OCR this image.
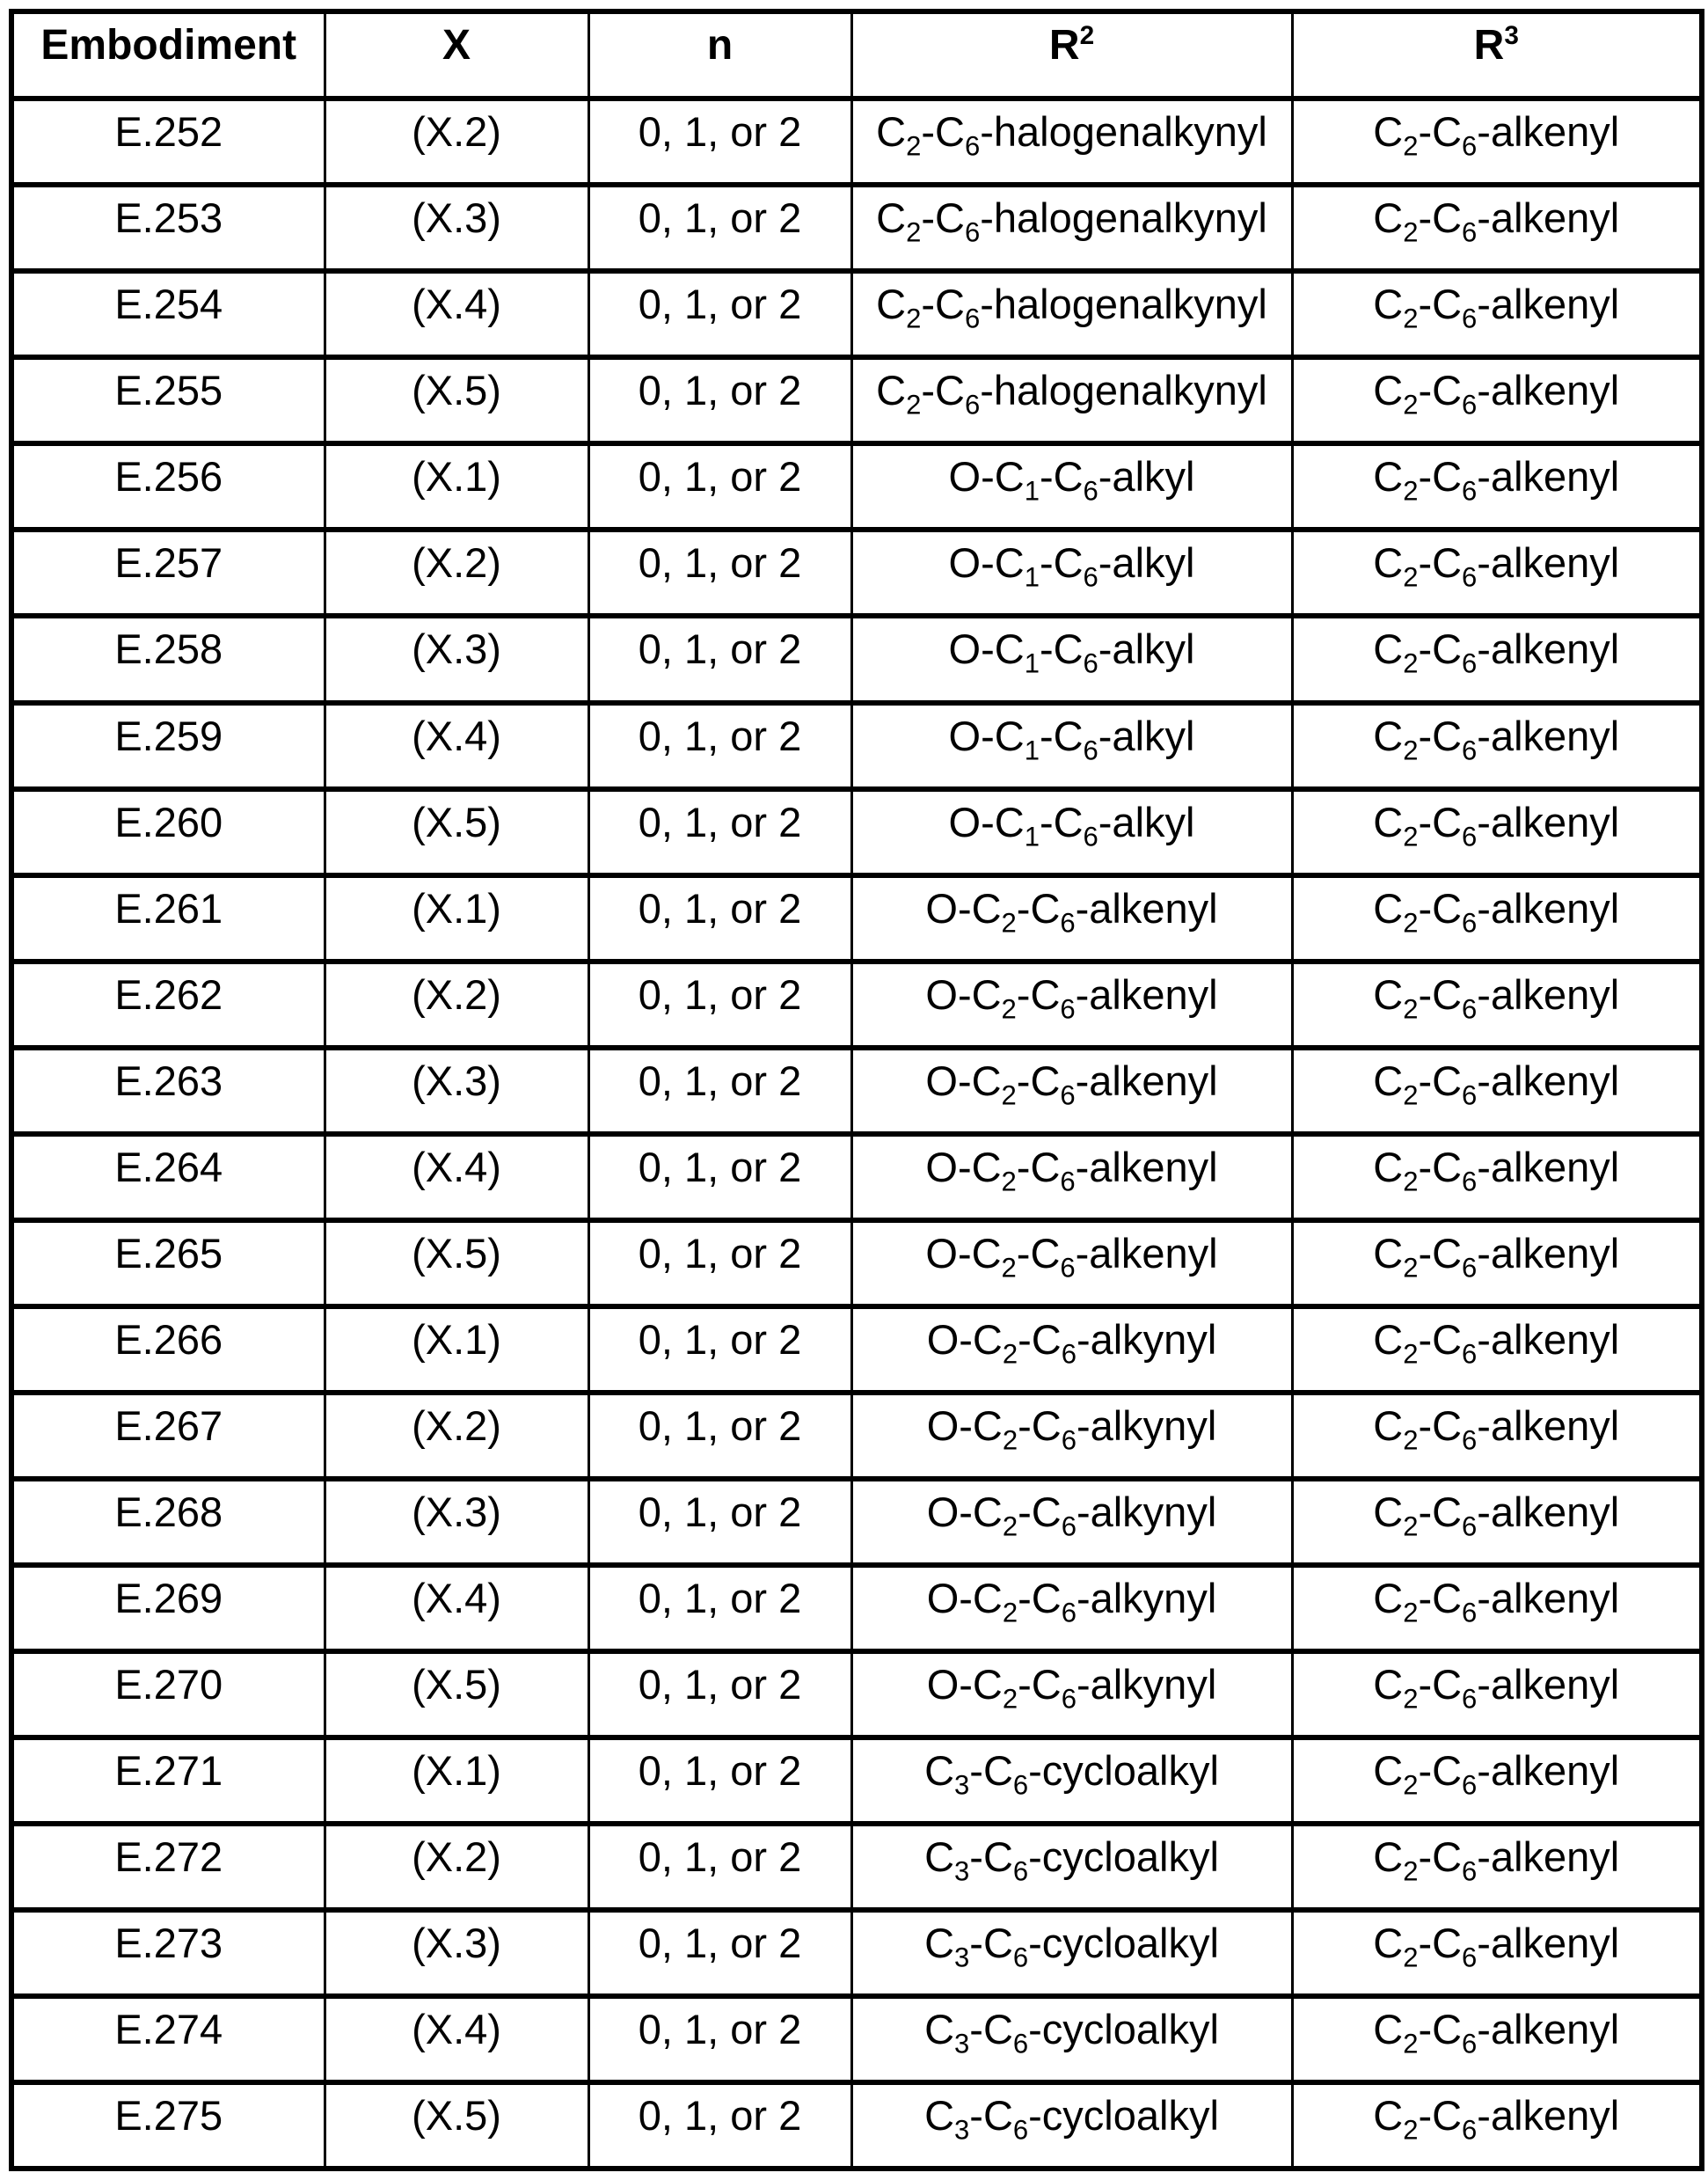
Embodiment	X	n	$R^2$	$R^3$
E.252	(X.2)	0, 1, or 2	$C_2-C_6$-halogenalkynyl	$C_2-C_6$-alkenyl
E.253	(X.3)	0, 1, or 2	$C_2-C_6$-halogenalkynyl	$C_2-C_6$-alkenyl
E.254	(X.4)	0, 1, or 2	$C_2-C_6$-halogenalkynyl	$C_2-C_6$-alkenyl
E.255	(X.5)	0, 1, or 2	$C_2-C_6$-halogenalkynyl	$C_2-C_6$-alkenyl
E.256	(X.1)	0, 1, or 2	$O-C_1-C_6$-alkyl	$C_2-C_6$-alkenyl
E.257	(X.2)	0, 1, or 2	$O-C_1-C_6$-alkyl	$C_2-C_6$-alkenyl
E.258	(X.3)	0, 1, or 2	$O-C_1-C_6$-alkyl	$C_2-C_6$-alkenyl
E.259	(X.4)	0, 1, or 2	$O-C_1-C_6$-alkyl	$C_2-C_6$-alkenyl
E.260	(X.5)	0, 1, or 2	$O-C_1-C_6$-alkyl	$C_2-C_6$-alkenyl
E.261	(X.1)	0, 1, or 2	$O-C_2-C_6$-alkenyl	$C_2-C_6$-alkenyl
E.262	(X.2)	0, 1, or 2	$O-C_2-C_6$-alkenyl	$C_2-C_6$-alkenyl
E.263	(X.3)	0, 1, or 2	$O-C_2-C_6$-alkenyl	$C_2-C_6$-alkenyl
E.264	(X.4)	0, 1, or 2	$O-C_2-C_6$-alkenyl	$C_2-C_6$-alkenyl
E.265	(X.5)	0, 1, or 2	$O-C_2-C_6$-alkenyl	$C_2-C_6$-alkenyl
E.266	(X.1)	0, 1, or 2	$O-C_2-C_6$-alkynyl	$C_2-C_6$-alkenyl
E.267	(X.2)	0, 1, or 2	$O-C_2-C_6$-alkynyl	$C_2-C_6$-alkenyl
E.268	(X.3)	0, 1, or 2	$O-C_2-C_6$-alkynyl	$C_2-C_6$-alkenyl
E.269	(X.4)	0, 1, or 2	$O-C_2-C_6$-alkynyl	$C_2-C_6$-alkenyl
E.270	(X.5)	0, 1, or 2	$O-C_2-C_6$-alkynyl	$C_2-C_6$-alkenyl
E.271	(X.1)	0, 1, or 2	$C_3-C_6$-cycloalkyl	$C_2-C_6$-alkenyl
E.272	(X.2)	0, 1, or 2	$C_3-C_6$-cycloalkyl	$C_2-C_6$-alkenyl
E.273	(X.3)	0, 1, or 2	$C_3-C_6$-cycloalkyl	$C_2-C_6$-alkenyl
E.274	(X.4)	0, 1, or 2	$C_3-C_6$-cycloalkyl	$C_2-C_6$-alkenyl
E.275	(X.5)	0, 1, or 2	$C_3-C_6$-cycloalkyl	$C_2-C_6$-alkenyl
